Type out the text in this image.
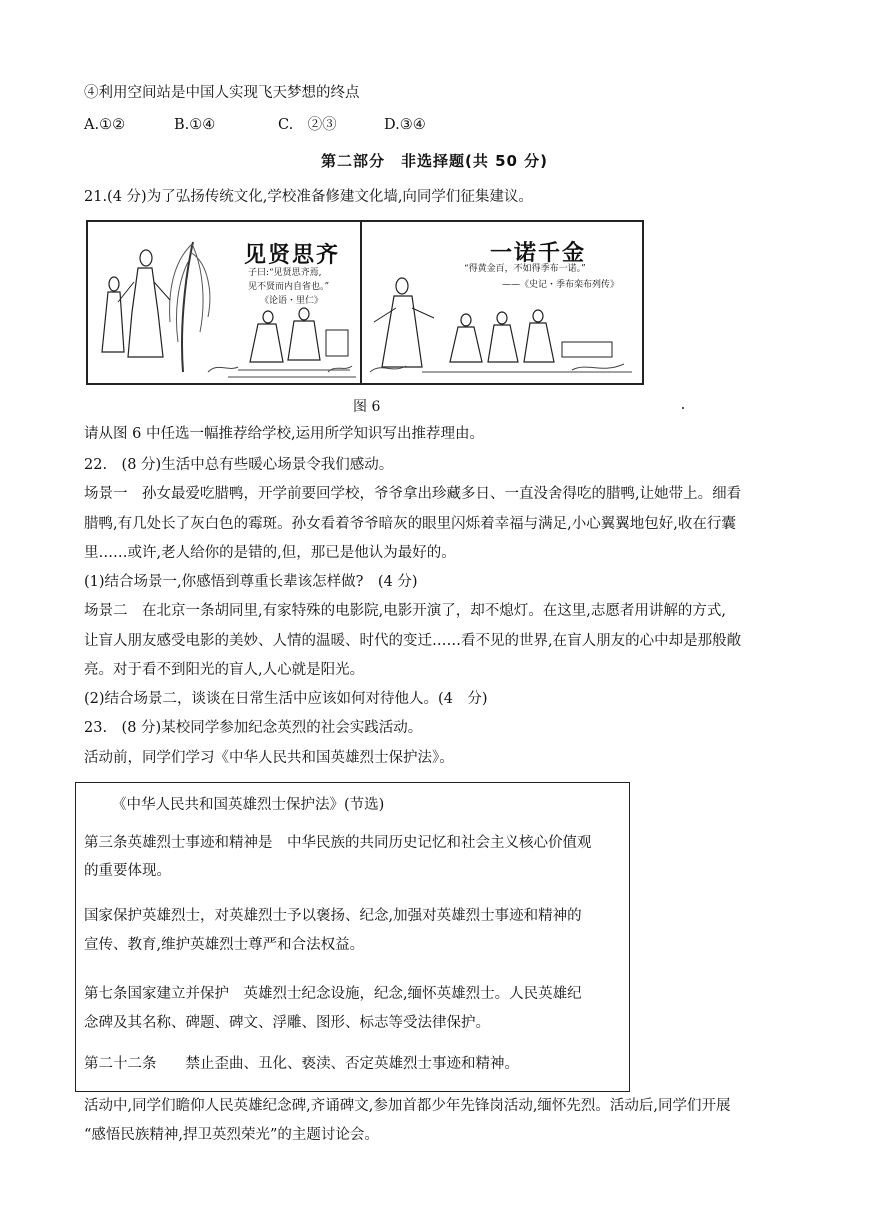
④利用空间站是中国人实现飞天梦想的终点
A.①②	B.①④	C.　②③	D.③④
第二部分　非选择题(共 50 分)
21.(4 分)为了弘扬传统文化,学校准备修建文化墙,向同学们征集建议。
见贤思齐
子曰:“见贤思齐焉,
见不贤而内自省也。”
《论语・里仁》
一诺千金
“得黄金百，不如得季布一诺。”
——《史记・季布栾布列传》
图 6
请从图 6 中任选一幅推荐给学校,运用所学知识写出推荐理由。
22.　(8 分)生活中总有些暖心场景令我们感动。
场景一　孙女最爱吃腊鸭，开学前要回学校，爷爷拿出珍藏多日、一直没舍得吃的腊鸭,让她带上。细看
腊鸭,有几处长了灰白色的霉斑。孙女看着爷爷暗灰的眼里闪烁着幸福与满足,小心翼翼地包好,收在行囊
里……或许,老人给你的是错的,但，那已是他认为最好的。
(1)结合场景一,你感悟到尊重长辈该怎样做?　(4 分)
场景二　在北京一条胡同里,有家特殊的电影院,电影开演了，却不熄灯。在这里,志愿者用讲解的方式,
让盲人朋友感受电影的美妙、人情的温暖、时代的变迁……看不见的世界,在盲人朋友的心中却是那般敞
亮。对于看不到阳光的盲人,人心就是阳光。
(2)结合场景二，谈谈在日常生活中应该如何对待他人。(4　分)
23.　(8 分)某校同学参加纪念英烈的社会实践活动。
活动前，同学们学习《中华人民共和国英雄烈士保护法》。
《中华人民共和国英雄烈士保护法》(节选)
第三条英雄烈士事迹和精神是　中华民族的共同历史记忆和社会主义核心价值观
的重要体现。
国家保护英雄烈士，对英雄烈士予以褒扬、纪念,加强对英雄烈士事迹和精神的
宣传、教育,维护英雄烈士尊严和合法权益。
第七条国家建立并保护　英雄烈士纪念设施，纪念,缅怀英雄烈士。人民英雄纪
念碑及其名称、碑题、碑文、浮雕、图形、标志等受法律保护。
第二十二条　　禁止歪曲、丑化、亵渎、否定英雄烈士事迹和精神。
活动中,同学们瞻仰人民英雄纪念碑,齐诵碑文,参加首都少年先锋岗活动,缅怀先烈。活动后,同学们开展
“感悟民族精神,捍卫英烈荣光”的主题讨论会。
